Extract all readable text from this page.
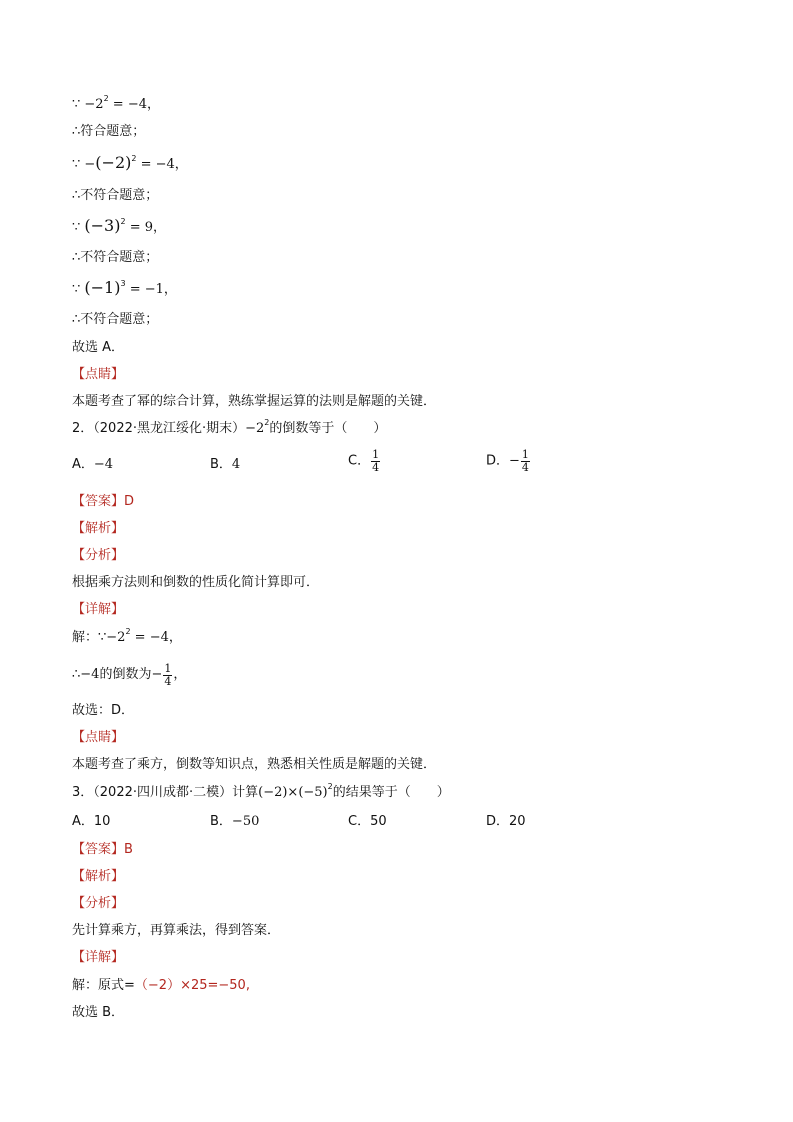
∵ $-2^2 = -4$，
∴符合题意；
∵ $-(-2)^2 = -4$，
∴不符合题意；
∵ $(-3)^2 = 9$，
∴不符合题意；
∵ $(-1)^3 = -1$，
∴不符合题意；
故选 A．
【点睛】
本题考查了幂的综合计算，熟练掌握运算的法则是解题的关键．
2．（2022·黑龙江绥化·期末）$-2^2$的倒数等于（　　）
A．−4	B．4	C． $\frac{1}{4}$	D．− $\frac{1}{4}$
【答案】D
【解析】
【分析】
根据乘方法则和倒数的性质化简计算即可．
【详解】
解：$\because-2^2 = -4$，
∴−4的倒数为− $\frac{1}{4}$ ，
故选：D．
【点睛】
本题考查了乘方，倒数等知识点，熟悉相关性质是解题的关键．
3．（2022·四川成都·二模）计算$(-2)\times(-5)^2$的结果等于（　　）
A．10	B．−50	C．50	D．20
【答案】B
【解析】
【分析】
先计算乘方，再算乘法，得到答案．
【详解】
解：原式=（−2）×25=−50,
故选 B．
